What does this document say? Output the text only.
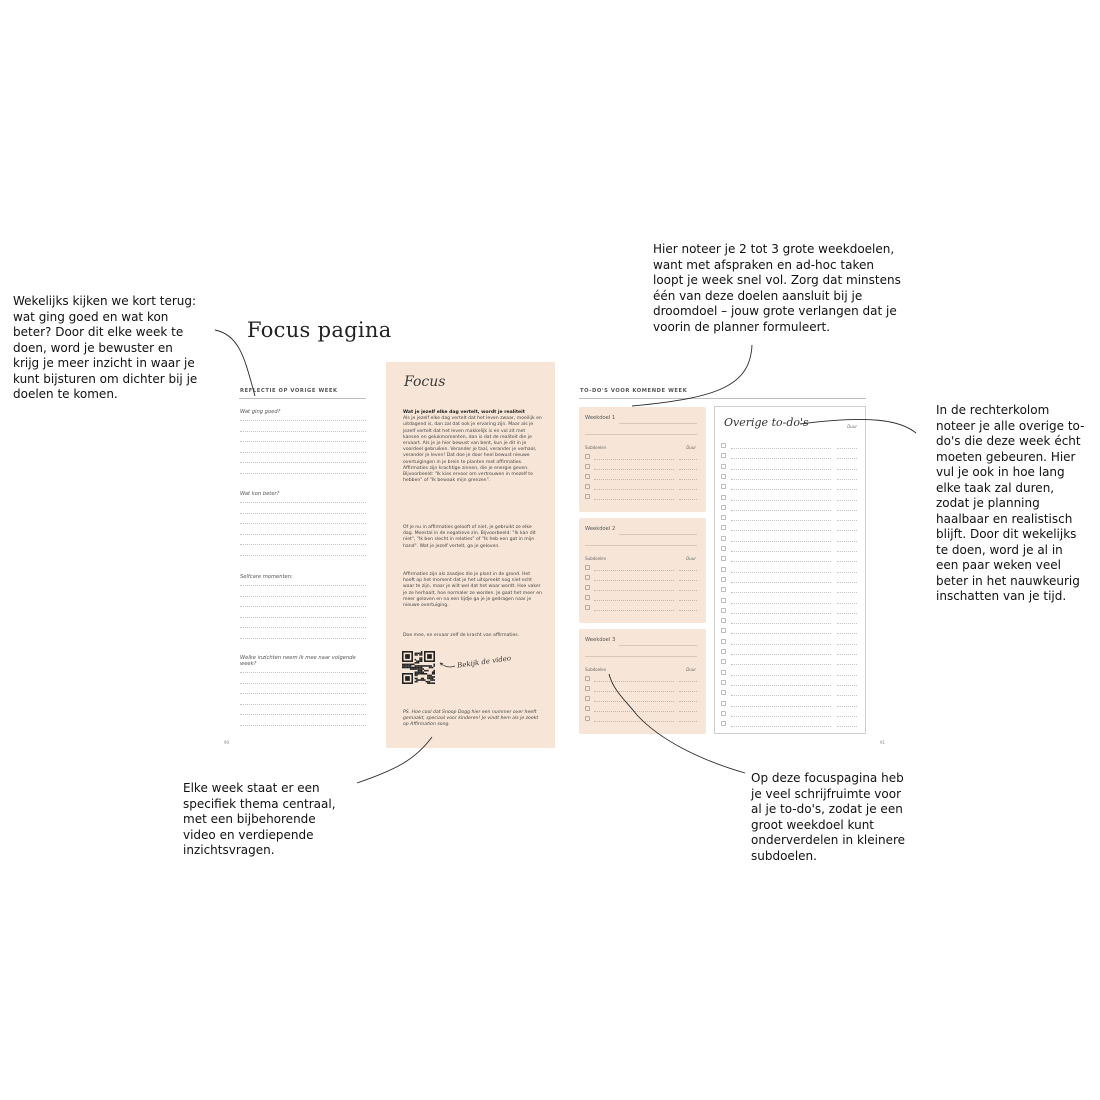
Focus pagina
Wekelijks kijken we kort terug:
wat ging goed en wat kon
beter? Door dit elke week te
doen, word je bewuster en
krijg je meer inzicht in waar je
kunt bijsturen om dichter bij je
doelen te komen.
Hier noteer je 2 tot 3 grote weekdoelen,
want met afspraken en ad-hoc taken
loopt je week snel vol. Zorg dat minstens
één van deze doelen aansluit bij je
droomdoel – jouw grote verlangen dat je
voorin de planner formuleert.
In de rechterkolom
noteer je alle overige to-
do's die deze week écht
moeten gebeuren. Hier
vul je ook in hoe lang
elke taak zal duren,
zodat je planning
haalbaar en realistisch
blijft. Door dit wekelijks
te doen, word je al in
een paar weken veel
beter in het nauwkeurig
inschatten van je tijd.
Elke week staat er een
specifiek thema centraal,
met een bijbehorende
video en verdiepende
inzichtsvragen.
Op deze focuspagina heb
je veel schrijfruimte voor
al je to-do's, zodat je een
groot weekdoel kunt
onderverdelen in kleinere
subdoelen.
REFLECTIE OP VORIGE WEEK
Wat ging goed?
Wat kon beter?
Selfcare momenten:
Welke inzichten neem ik mee naar volgende week?
90
Focus
Wat je jezelf elke dag vertelt, wordt je realiteit
Als je jezelf elke dag vertelt dat het leven zwaar, moeilijk en uitdagend is, dan zal dat ook je ervaring zijn. Maar als je jezelf vertelt dat het leven makkelijk is en vol zit met kansen en gelukmomenten, dan is dat de realiteit die je ervaart. Als je je hier bewust van bent, kun je dit in je voordeel gebruiken. Verander je taal, verander je verhaal, verander je leven! Dat doe je door heel bewust nieuwe overtuigingen in je brein te planten met affirmaties. Affirmaties zijn krachtige zinnen, die je energie geven. Bijvoorbeeld: "Ik kies ervoor om vertrouwen in mezelf te hebben" of "Ik bewaak mijn grenzen".
Of je nu in affirmaties gelooft of niet, je gebruikt ze elke dag. Meestal in de negatieve zin. Bijvoorbeeld: "Ik kan dit niet", "Ik ben slecht in relaties" of "Ik heb een gat in mijn hand". Wat je jezelf vertelt, ga je geloven.
Affirmaties zijn als zaadjes die je plant in de grond. Het hoeft op het moment dat je het uitspreekt nog niet echt waar te zijn, maar je wilt wel dat het waar wordt. Hoe vaker je ze herhaalt, hoe normaler ze worden. Je gaat het meer en meer geloven en na een tijdje ga je je gedragen naar je nieuwe overtuiging.
Doe mee, en ervaar zelf de kracht van affirmaties.
Bekijk de video
PS. Hoe cool dat Snoop Dogg hier een nummer over heeft gemaakt, speciaal voor kinderen! Je vindt hem als je zoekt op Affirmation song.
TO-DO'S VOOR KOMENDE WEEK
Weekdoel 1
Subdoelen	Duur
Weekdoel 2
Subdoelen	Duur
Weekdoel 3
Subdoelen	Duur
Overige to-do's	Duur
91
